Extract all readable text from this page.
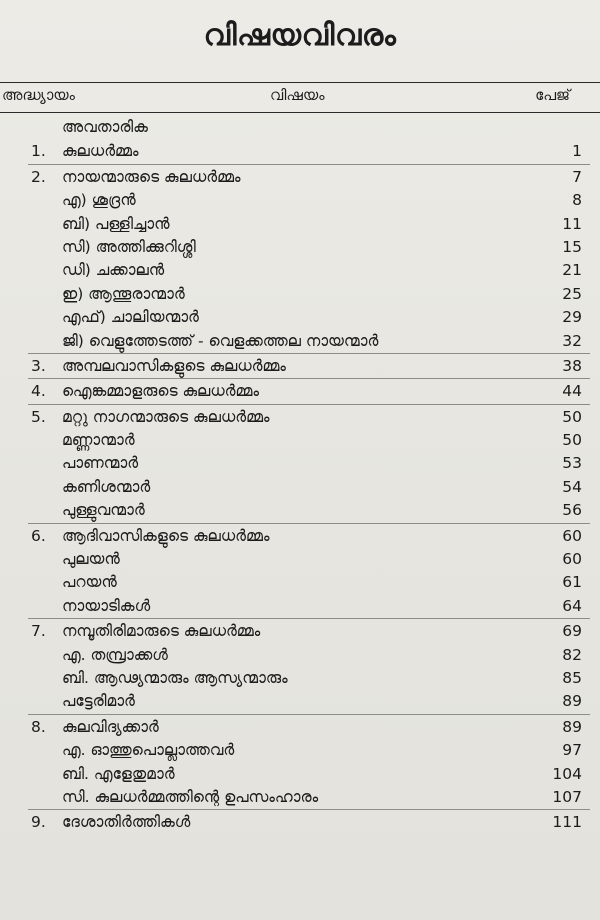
വിഷയവിവരം
അദ്ധ്യായം	വിഷയം	പേജ്
അവതാരിക
1. കുലധർമ്മം	1
2. നായന്മാരുടെ കുലധർമ്മം	7
എ) ശൂദ്രൻ	8
ബി) പള്ളിച്ചാൻ	11
സി) അത്തിക്കുറിശ്ശി	15
ഡി) ചക്കാലൻ	21
ഇ) ആന്തൂരാന്മാർ	25
എഫ്) ചാലിയന്മാർ	29
ജി) വെളുത്തേടത്ത് - വെളക്കത്തല നായന്മാർ	32
3. അമ്പലവാസികളുടെ കുലധർമ്മം	38
4. ഐങ്കമ്മാളരുടെ കുലധർമ്മം	44
5. മറ്റു നാഗന്മാരുടെ കുലധർമ്മം	50
മണ്ണാന്മാർ	50
പാണന്മാർ	53
കണിശന്മാർ	54
പുള്ളുവന്മാർ	56
6. ആദിവാസികളുടെ കുലധർമ്മം	60
പുലയൻ	60
പറയൻ	61
നായാടികൾ	64
7. നമ്പൂതിരിമാരുടെ കുലധർമ്മം	69
എ. തമ്പ്രാക്കൾ	82
ബി. ആഢ്യന്മാരും ആസ്യന്മാരും	85
പട്ടേരിമാർ	89
8. കുലവിദ്യക്കാർ	89
എ. ഓത്തുപൊല്ലാത്തവർ	97
ബി. എളേതുമാർ	104
സി. കുലധർമ്മത്തിന്റെ ഉപസംഹാരം	107
9. ദേശാതിർത്തികൾ	111
